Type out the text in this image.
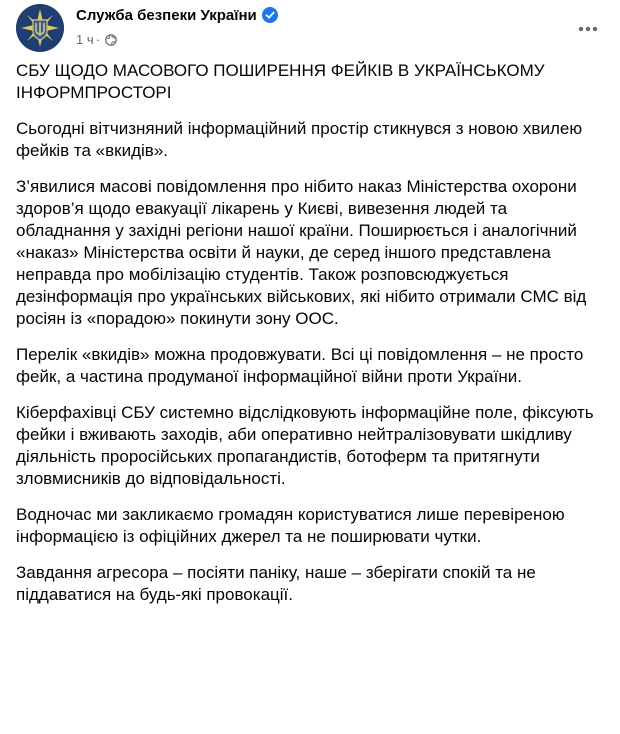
Служба безпеки України
1 ч ·

СБУ ЩОДО МАСОВОГО ПОШИРЕННЯ ФЕЙКІВ В УКРАЇНСЬКОМУ ІНФОРМПРОСТОРІ

Сьогодні вітчизняний інформаційний простір стикнувся з новою хвилею фейків та «вкидів».

З’явилися масові повідомлення про нібито наказ Міністерства охорони здоров’я щодо евакуації лікарень у Києві, вивезення людей та обладнання у західні регіони нашої країни. Поширюється і аналогічний «наказ» Міністерства освіти й науки, де серед іншого представлена неправда про мобілізацію студентів. Також розповсюджується дезінформація про українських військових, які нібито отримали СМС від росіян із «порадою» покинути зону ООС.

Перелік «вкидів» можна продовжувати. Всі ці повідомлення – не просто фейк, а частина продуманої інформаційної війни проти України.

Кіберфахівці СБУ системно відслідковують інформаційне поле, фіксують фейки і вживають заходів, аби оперативно нейтралізовувати шкідливу діяльність проросійських пропагандистів, ботоферм та притягнути зловмисників до відповідальності.

Водночас ми закликаємо громадян користуватися лише перевіреною інформацією із офіційних джерел та не поширювати чутки.

Завдання агресора – посіяти паніку, наше – зберігати спокій та не піддаватися на будь-які провокації.
